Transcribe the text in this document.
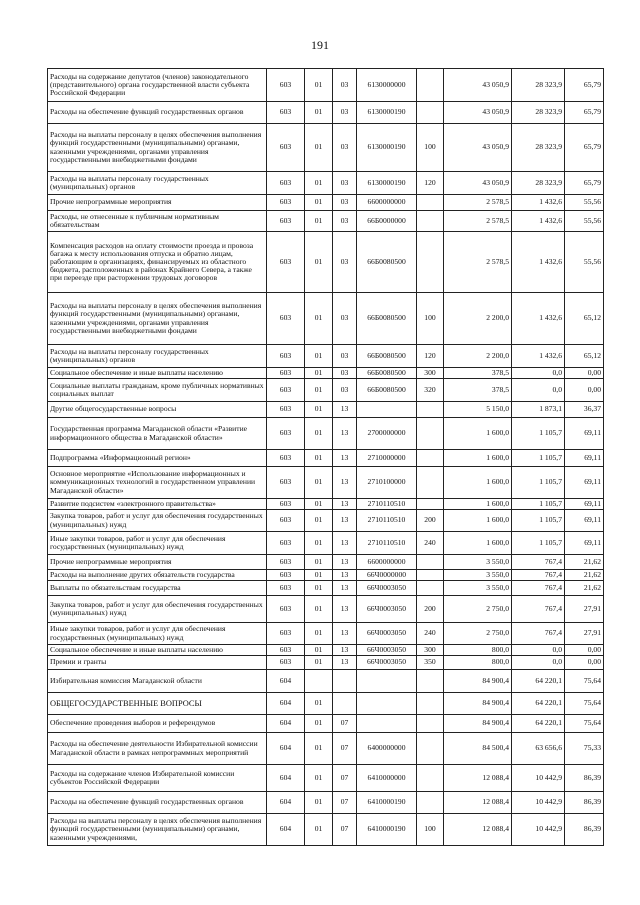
191
Расходы на содержание депутатов (членов) законодательного (представительного) органа государственной власти субъекта Российской Федерации	603	01	03	6130000000		43 050,9	28 323,9	65,79
Расходы на обеспечение функций государственных органов	603	01	03	6130000190		43 050,9	28 323,9	65,79
Расходы на выплаты персоналу в целях обеспечения выполнения функций государственными (муниципальными) органами, казенными учреждениями, органами управления государственными внебюджетными фондами	603	01	03	6130000190	100	43 050,9	28 323,9	65,79
Расходы на выплаты персоналу государственных (муниципальных) органов	603	01	03	6130000190	120	43 050,9	28 323,9	65,79
Прочие непрограммные мероприятия	603	01	03	6600000000		2 578,5	1 432,6	55,56
Расходы, не отнесенные к публичным нормативным обязательствам	603	01	03	66Б0000000		2 578,5	1 432,6	55,56
Компенсация расходов на оплату стоимости проезда и провоза багажа к месту использования отпуска и обратно лицам, работающим в организациях, финансируемых из областного бюджета, расположенных в районах Крайнего Севера, а также при переезде при расторжении трудовых договоров	603	01	03	66Б0080500		2 578,5	1 432,6	55,56
Расходы на выплаты персоналу в целях обеспечения выполнения функций государственными (муниципальными) органами, казенными учреждениями, органами управления государственными внебюджетными фондами	603	01	03	66Б0080500	100	2 200,0	1 432,6	65,12
Расходы на выплаты персоналу государственных (муниципальных) органов	603	01	03	66Б0080500	120	2 200,0	1 432,6	65,12
Социальное обеспечение и иные выплаты населению	603	01	03	66Б0080500	300	378,5	0,0	0,00
Социальные выплаты гражданам, кроме публичных нормативных социальных выплат	603	01	03	66Б0080500	320	378,5	0,0	0,00
Другие общегосударственные вопросы	603	01	13			5 150,0	1 873,1	36,37
Государственная программа Магаданской области «Развитие информационного общества в Магаданской области»	603	01	13	2700000000		1 600,0	1 105,7	69,11
Подпрограмма «Информационный регион»	603	01	13	2710000000		1 600,0	1 105,7	69,11
Основное мероприятие «Использование информационных и коммуникационных технологий в государственном управлении Магаданской области»	603	01	13	2710100000		1 600,0	1 105,7	69,11
Развитие подсистем «электронного правительства»	603	01	13	2710110510		1 600,0	1 105,7	69,11
Закупка товаров, работ и услуг для обеспечения государственных (муниципальных) нужд	603	01	13	2710110510	200	1 600,0	1 105,7	69,11
Иные закупки товаров, работ и услуг для обеспечения государственных (муниципальных) нужд	603	01	13	2710110510	240	1 600,0	1 105,7	69,11
Прочие непрограммные мероприятия	603	01	13	6600000000		3 550,0	767,4	21,62
Расходы на выполнение других обязательств государства	603	01	13	66Ч0000000		3 550,0	767,4	21,62
Выплаты по обязательствам государства	603	01	13	66Ч0003050		3 550,0	767,4	21,62
Закупка товаров, работ и услуг для обеспечения государственных (муниципальных) нужд	603	01	13	66Ч0003050	200	2 750,0	767,4	27,91
Иные закупки товаров, работ и услуг для обеспечения государственных (муниципальных) нужд	603	01	13	66Ч0003050	240	2 750,0	767,4	27,91
Социальное обеспечение и иные выплаты населению	603	01	13	66Ч0003050	300	800,0	0,0	0,00
Премии и гранты	603	01	13	66Ч0003050	350	800,0	0,0	0,00
Избирательная комиссия Магаданской области	604					84 900,4	64 220,1	75,64
ОБЩЕГОСУДАРСТВЕННЫЕ ВОПРОСЫ	604	01				84 900,4	64 220,1	75,64
Обеспечение проведения выборов и референдумов	604	01	07			84 900,4	64 220,1	75,64
Расходы на обеспечение деятельности Избирательной комиссии Магаданской области в рамках непрограммных мероприятий	604	01	07	6400000000		84 500,4	63 656,6	75,33
Расходы на содержание членов Избирательной комиссии субъектов Российской Федерации	604	01	07	6410000000		12 088,4	10 442,9	86,39
Расходы на обеспечение функций государственных органов	604	01	07	6410000190		12 088,4	10 442,9	86,39
Расходы на выплаты персоналу в целях обеспечения выполнения функций государственными (муниципальными) органами, казенными учреждениями,	604	01	07	6410000190	100	12 088,4	10 442,9	86,39
